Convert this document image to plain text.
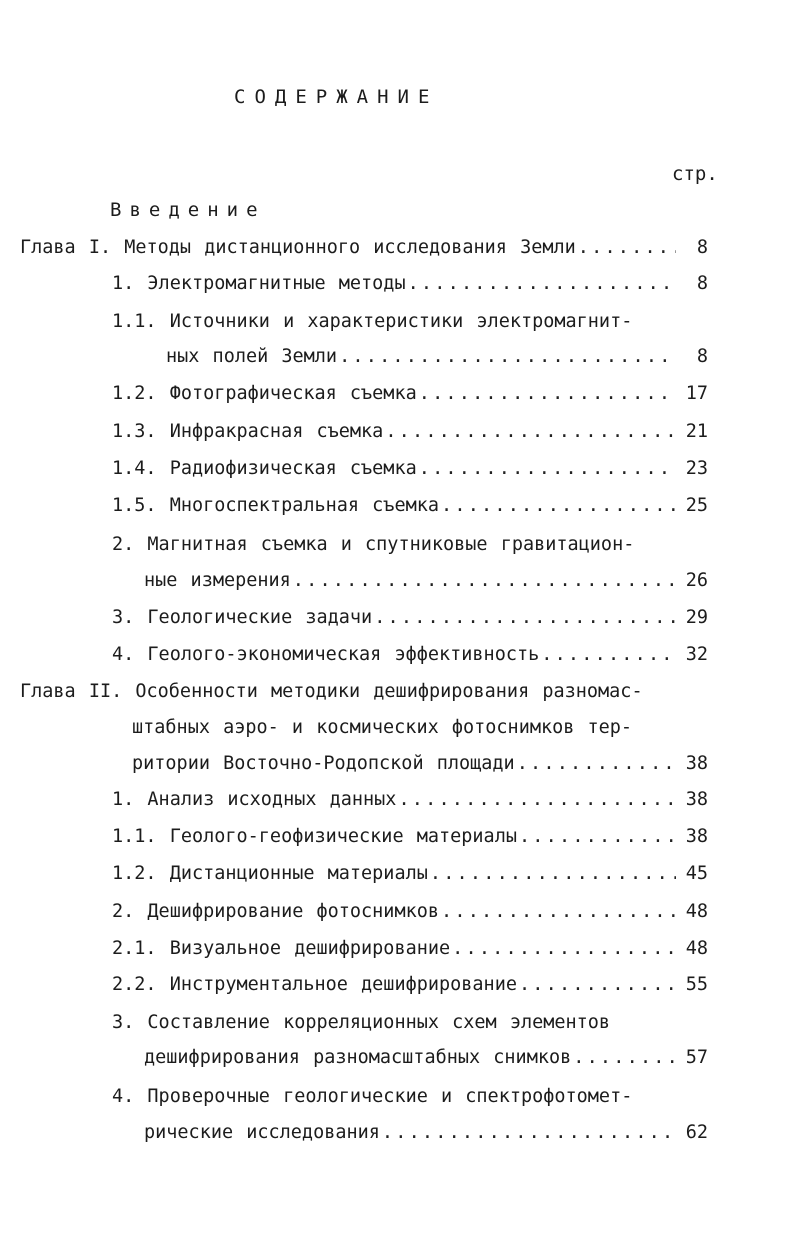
СОДЕРЖАНИЕ
стр.
Введение
Глава I. Методы дистанционного исследования Земли .....	8
1. Электромагнитные методы .....	8
1.1. Источники и характеристики электромагнит-
ных полей Земли .....	8
1.2. Фотографическая съемка .....	17
1.3. Инфракрасная съемка .....	21
1.4. Радиофизическая съемка .....	23
1.5. Многоспектральная съемка .....	25
2. Магнитная съемка и спутниковые гравитацион-
ные измерения .....	26
3. Геологические задачи .....	29
4. Геолого-экономическая эффективность .....	32
Глава II. Особенности методики дешифрирования разномас-
штабных аэро- и космических фотоснимков тер-
ритории Восточно-Родопской площади .....	38
1. Анализ исходных данных .....	38
1.1. Геолого-геофизические материалы .....	38
1.2. Дистанционные материалы .....	45
2. Дешифрирование фотоснимков .....	48
2.1. Визуальное дешифрирование .....	48
2.2. Инструментальное дешифрирование .....	55
3. Составление корреляционных схем элементов
дешифрирования разномасштабных снимков .....	57
4. Проверочные геологические и спектрофотомет-
рические исследования .....	62
